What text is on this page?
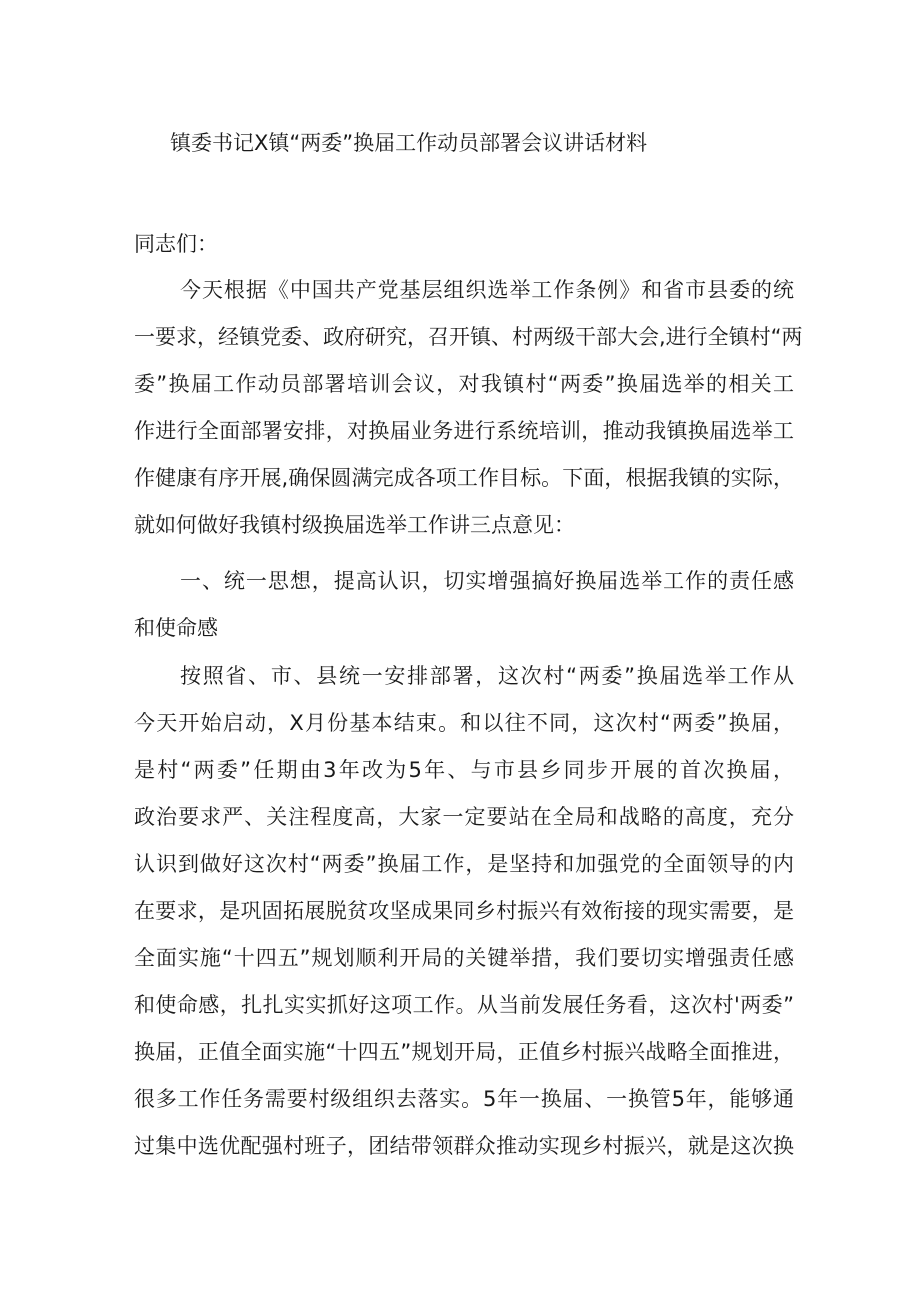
镇委书记X镇“两委”换届工作动员部署会议讲话材料
同志们：
今天根据《中国共产党基层组织选举工作条例》和省市县委的统
一要求，经镇党委、政府研究，召开镇、村两级干部大会,进行全镇村“两
委”换届工作动员部署培训会议，对我镇村“两委”换届选举的相关工
作进行全面部署安排，对换届业务进行系统培训，推动我镇换届选举工
作健康有序开展,确保圆满完成各项工作目标。下面，根据我镇的实际，
就如何做好我镇村级换届选举工作讲三点意见：
一、统一思想，提高认识，切实增强搞好换届选举工作的责任感
和使命感
按照省、市、县统一安排部署，这次村“两委”换届选举工作从
今天开始启动，X月份基本结束。和以往不同，这次村“两委”换届，
是村“两委”任期由3年改为5年、与市县乡同步开展的首次换届，
政治要求严、关注程度高，大家一定要站在全局和战略的高度，充分
认识到做好这次村“两委”换届工作，是坚持和加强党的全面领导的内
在要求，是巩固拓展脱贫攻坚成果同乡村振兴有效衔接的现实需要，是
全面实施“十四五”规划顺利开局的关键举措，我们要切实增强责任感
和使命感，扎扎实实抓好这项工作。从当前发展任务看，这次村'两委”
换届，正值全面实施“十四五”规划开局，正值乡村振兴战略全面推进，
很多工作任务需要村级组织去落实。5年一换届、一换管5年，能够通
过集中选优配强村班子，团结带领群众推动实现乡村振兴，就是这次换
